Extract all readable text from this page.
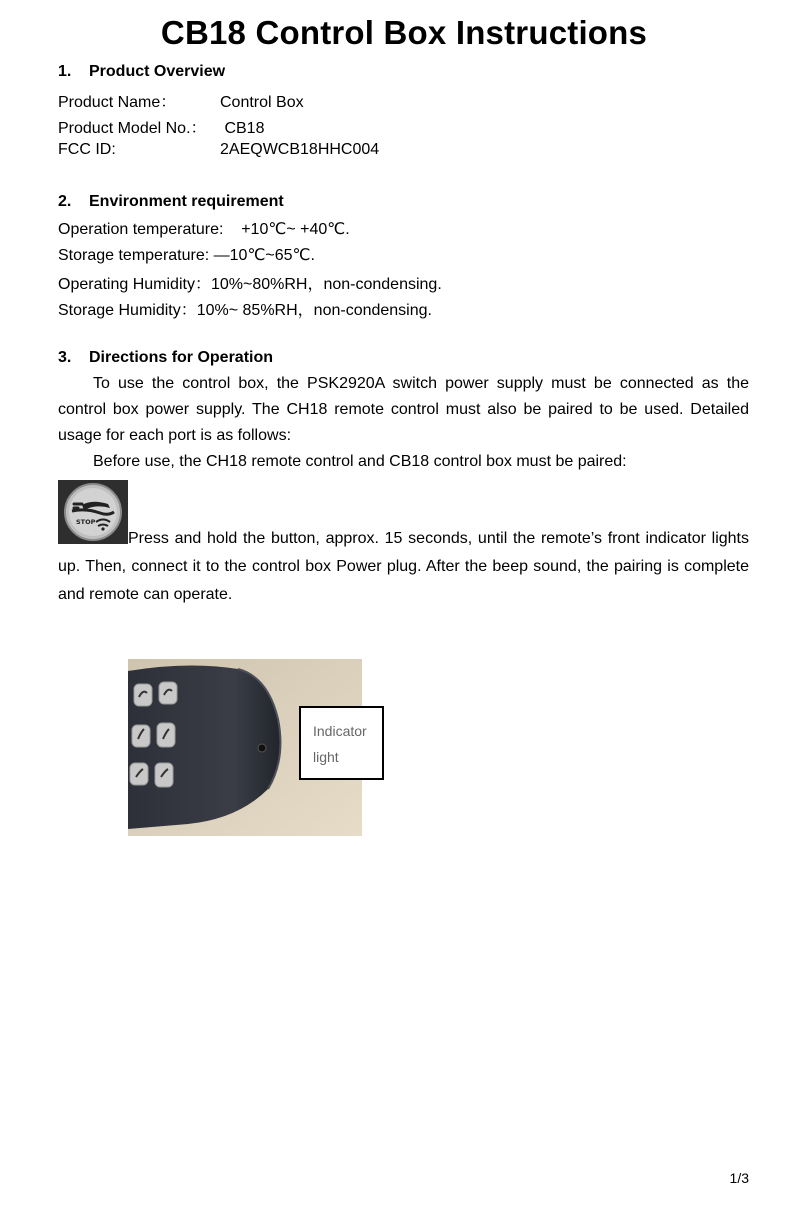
CB18 Control Box Instructions
1. Product Overview
Product Name：	Control Box
Product Model No.： CB18
FCC ID:	2AEQWCB18HHC004
2. Environment requirement
Operation temperature:    +10℃~ +40℃.
Storage temperature: —10℃~65℃.
Operating Humidity：10%~80%RH，non-condensing.
Storage Humidity：10%~ 85%RH，non-condensing.
3. Directions for Operation

To use the control box, the PSK2920A switch power supply must be connected as the control box power supply. The CH18 remote control must also be paired to be used. Detailed usage for each port is as follows:

Before use, the CH18 remote control and CB18 control box must be paired:

STOP

Press and hold the button, approx. 15 seconds, until the remote’s front indicator lights up. Then, connect it to the control box Power plug. After the beep sound, the pairing is complete and remote can operate.

Indicator
light
1/3
